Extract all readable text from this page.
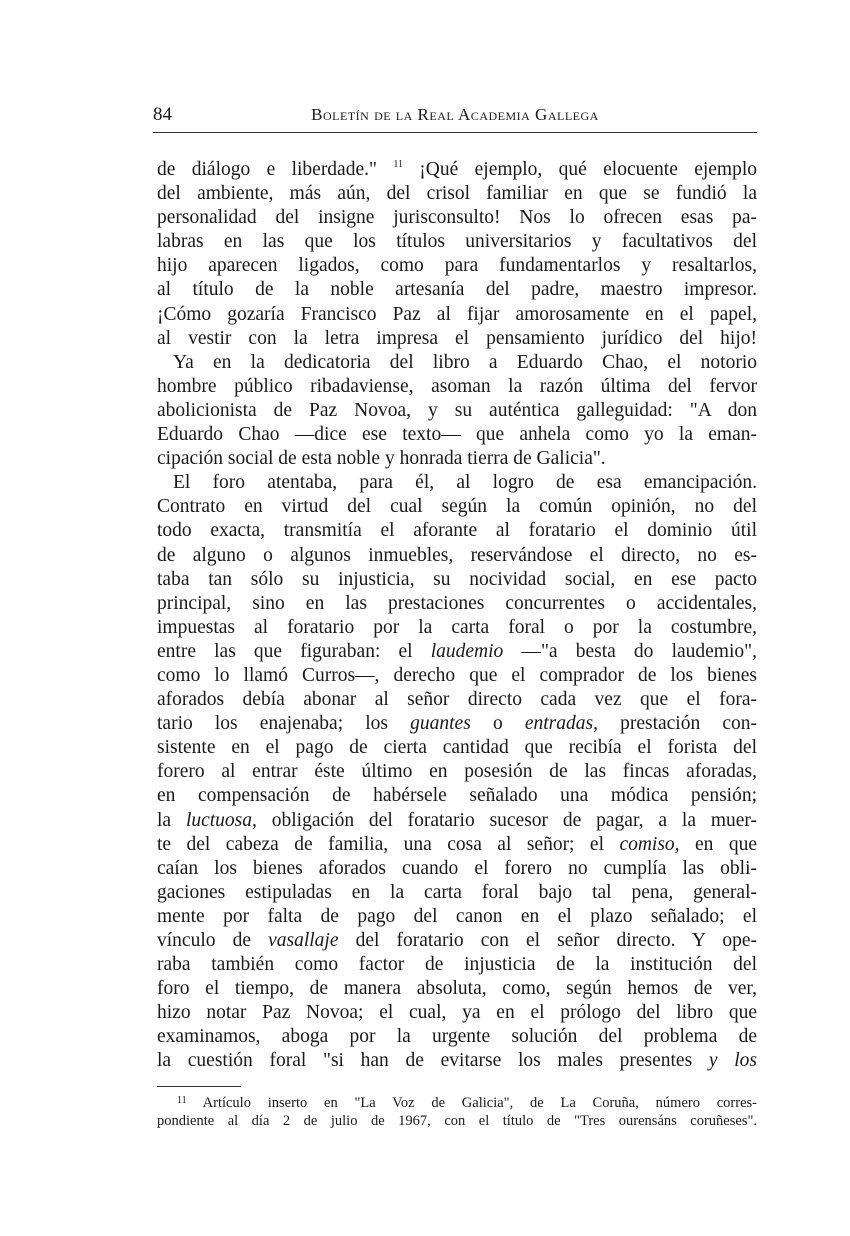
84	Boletín de la Real Academia Gallega
de diálogo e liberdade." $^{11}$ ¡Qué ejemplo, qué elocuente ejemplo
del ambiente, más aún, del crisol familiar en que se fundió la
personalidad del insigne jurisconsulto! Nos lo ofrecen esas pa-
labras en las que los títulos universitarios y facultativos del
hijo aparecen ligados, como para fundamentarlos y resaltarlos,
al título de la noble artesanía del padre, maestro impresor.
¡Cómo gozaría Francisco Paz al fijar amorosamente en el papel,
al vestir con la letra impresa el pensamiento jurídico del hijo!
Ya en la dedicatoria del libro a Eduardo Chao, el notorio
hombre público ribadaviense, asoman la razón última del fervor
abolicionista de Paz Novoa, y su auténtica galleguidad: "A don
Eduardo Chao —dice ese texto— que anhela como yo la eman-
cipación social de esta noble y honrada tierra de Galicia".
El foro atentaba, para él, al logro de esa emancipación.
Contrato en virtud del cual según la común opinión, no del
todo exacta, transmitía el aforante al foratario el dominio útil
de alguno o algunos inmuebles, reservándose el directo, no es-
taba tan sólo su injusticia, su nocividad social, en ese pacto
principal, sino en las prestaciones concurrentes o accidentales,
impuestas al foratario por la carta foral o por la costumbre,
entre las que figuraban: el laudemio —"a besta do laudemio",
como lo llamó Curros—, derecho que el comprador de los bienes
aforados debía abonar al señor directo cada vez que el fora-
tario los enajenaba; los guantes o entradas, prestación con-
sistente en el pago de cierta cantidad que recibía el forista del
forero al entrar éste último en posesión de las fincas aforadas,
en compensación de habérsele señalado una módica pensión;
la luctuosa, obligación del foratario sucesor de pagar, a la muer-
te del cabeza de familia, una cosa al señor; el comiso, en que
caían los bienes aforados cuando el forero no cumplía las obli-
gaciones estipuladas en la carta foral bajo tal pena, general-
mente por falta de pago del canon en el plazo señalado; el
vínculo de vasallaje del foratario con el señor directo. Y ope-
raba también como factor de injusticia de la institución del
foro el tiempo, de manera absoluta, como, según hemos de ver,
hizo notar Paz Novoa; el cual, ya en el prólogo del libro que
examinamos, aboga por la urgente solución del problema de
la cuestión foral "si han de evitarse los males presentes y los
$^{11}$ Artículo inserto en "La Voz de Galicia", de La Coruña, número corres-
pondiente al día 2 de julio de 1967, con el título de "Tres ourensáns coruñeses".
